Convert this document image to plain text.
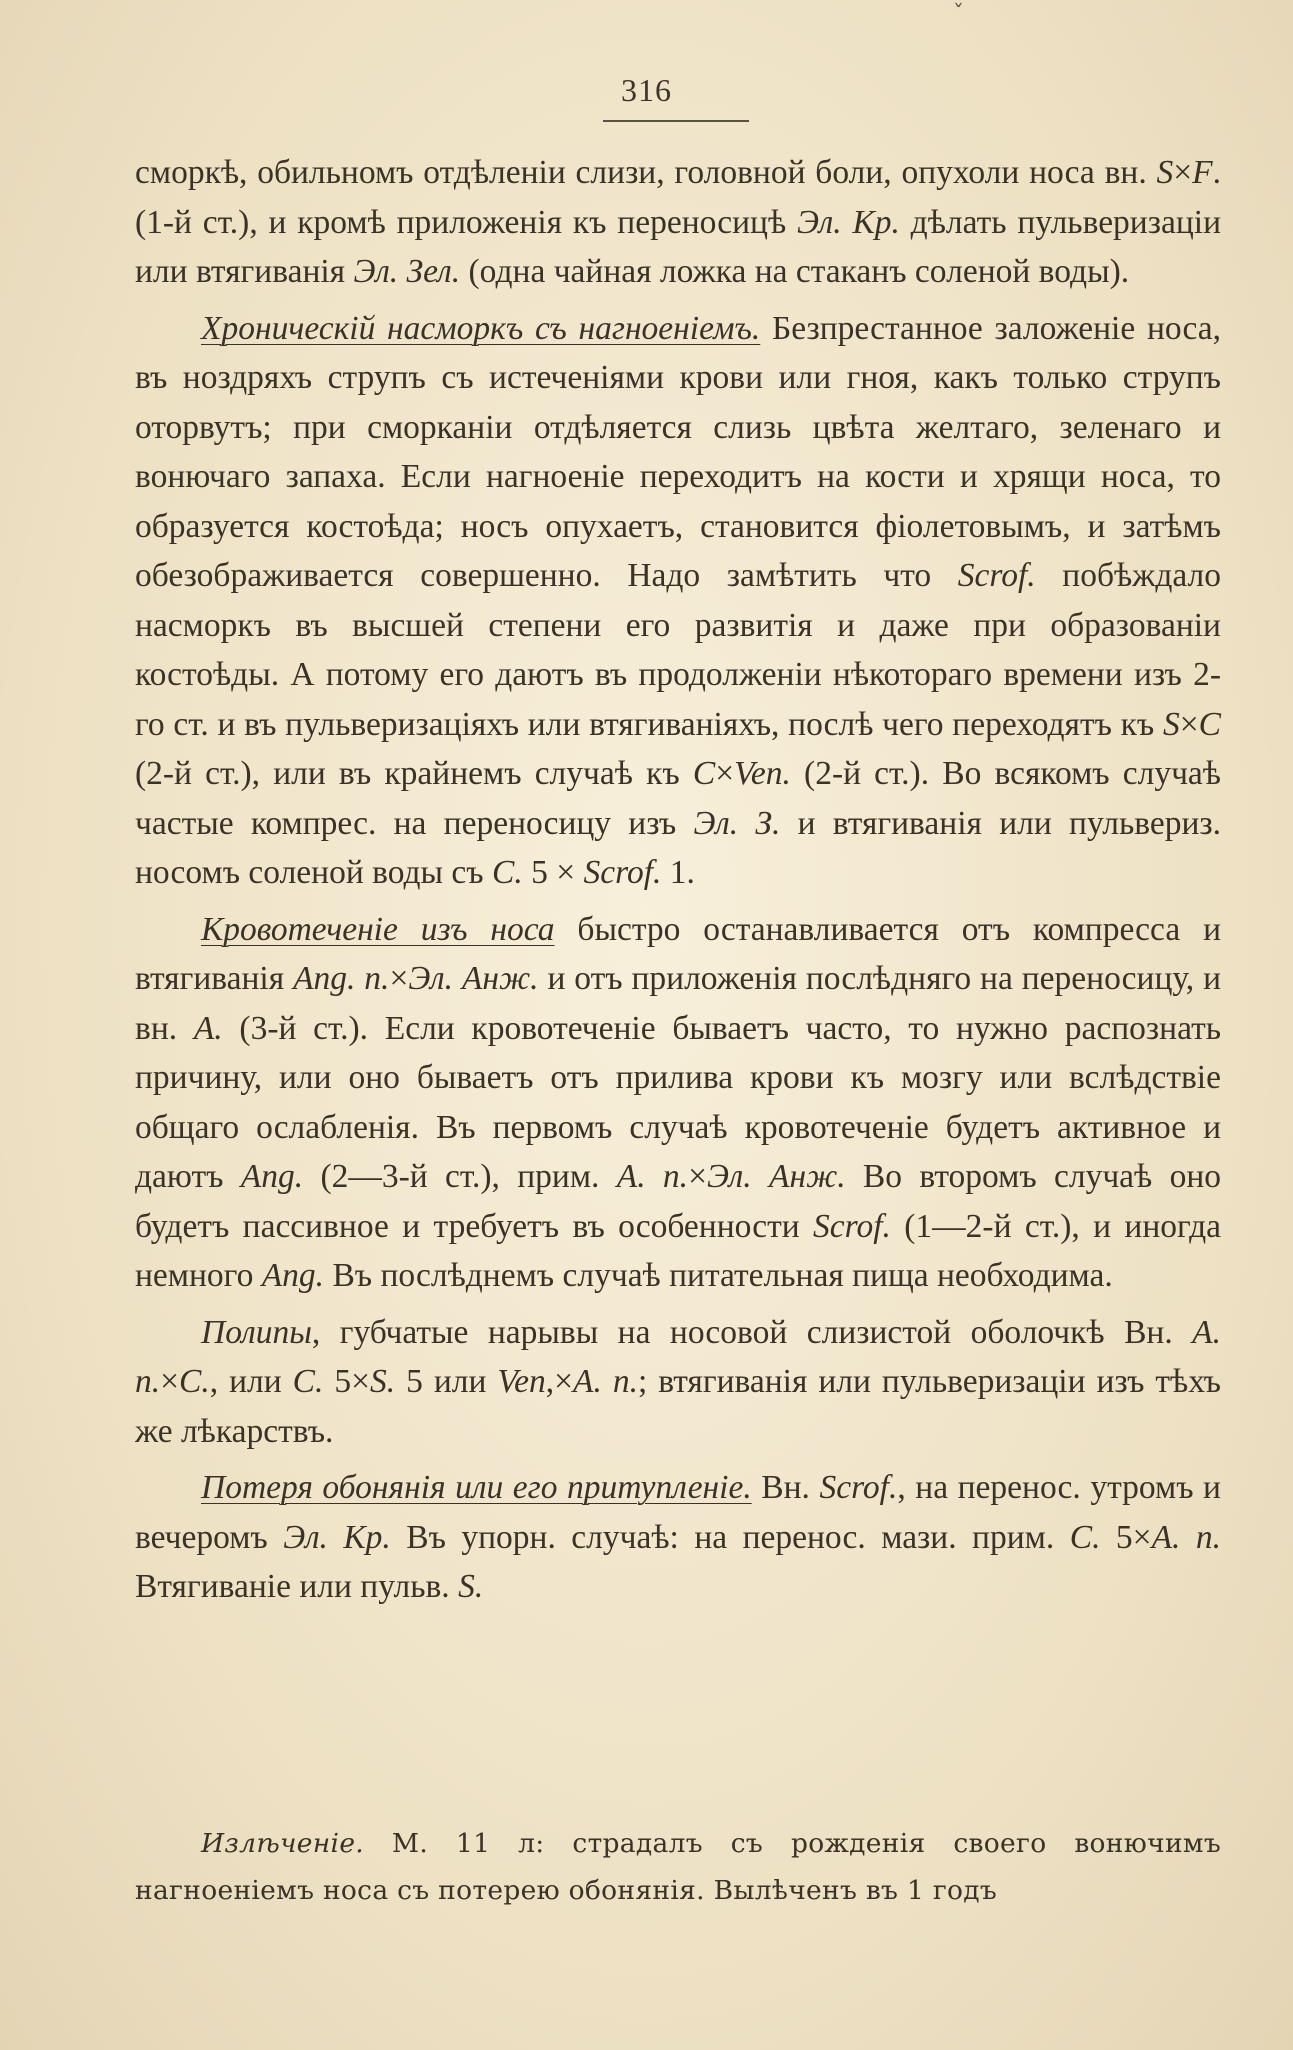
ˇ
316

сморкѣ, обильномъ отдѣленіи слизи, головной боли, опухоли носа вн. S×F. (1-й ст.), и кромѣ приложенія къ переносицѣ Эл. Кр. дѣлать пульверизаціи или втягиванія Эл. Зел. (одна чайная ложка на стаканъ соленой воды).

Хроническій насморкъ съ нагноеніемъ. Безпрестанное заложеніе носа, въ ноздряхъ струпъ съ истеченіями крови или гноя, какъ только струпъ оторвутъ; при сморканіи отдѣляется слизь цвѣта желтаго, зеленаго и вонючаго запаха. Если нагноеніе переходитъ на кости и хрящи носа, то образуется костоѣда; носъ опухаетъ, становится фіолетовымъ, и затѣмъ обезображивается совершенно. Надо замѣтить что Scrof. побѣждало насморкъ въ высшей степени его развитія и даже при образованіи костоѣды. А потому его даютъ въ продолженіи нѣкотораго времени изъ 2-го ст. и въ пульверизаціяхъ или втягиваніяхъ, послѣ чего переходятъ къ S×C (2-й ст.), или въ крайнемъ случаѣ къ C×Ven. (2-й ст.). Во всякомъ случаѣ частые компрес. на переносицу изъ Эл. З. и втягиванія или пульвериз. носомъ соленой воды съ C. 5 × Scrof. 1.

Кровотеченіе изъ носа быстро останавливается отъ компресса и втягиванія Ang. n.×Эл. Анж. и отъ приложенія послѣдняго на переносицу, и вн. A. (3-й ст.). Если кровотеченіе бываетъ часто, то нужно распознать причину, или оно бываетъ отъ прилива крови къ мозгу или вслѣдствіе общаго ослабленія. Въ первомъ случаѣ кровотеченіе будетъ активное и даютъ Ang. (2—3-й ст.), прим. A. n.×Эл. Анж. Во второмъ случаѣ оно будетъ пассивное и требуетъ въ особенности Scrof. (1—2-й ст.), и иногда немного Ang. Въ послѣднемъ случаѣ питательная пища необходима.

Полипы, губчатые нарывы на носовой слизистой оболочкѣ Вн. A. n.×C., или C. 5×S. 5 или Ven,×A. n.; втягиванія или пульверизаціи изъ тѣхъ же лѣкарствъ.

Потеря обонянія или его притупленіе. Вн. Scrof., на перенос. утромъ и вечеромъ Эл. Кр. Въ упорн. случаѣ: на перенос. мази. прим. C. 5×A. n. Втягиваніе или пульв. S.

Излѣченіе. М. 11 л: страдалъ съ рожденія своего вонючимъ нагноеніемъ носа съ потерею обонянія. Вылѣченъ въ 1 годъ
